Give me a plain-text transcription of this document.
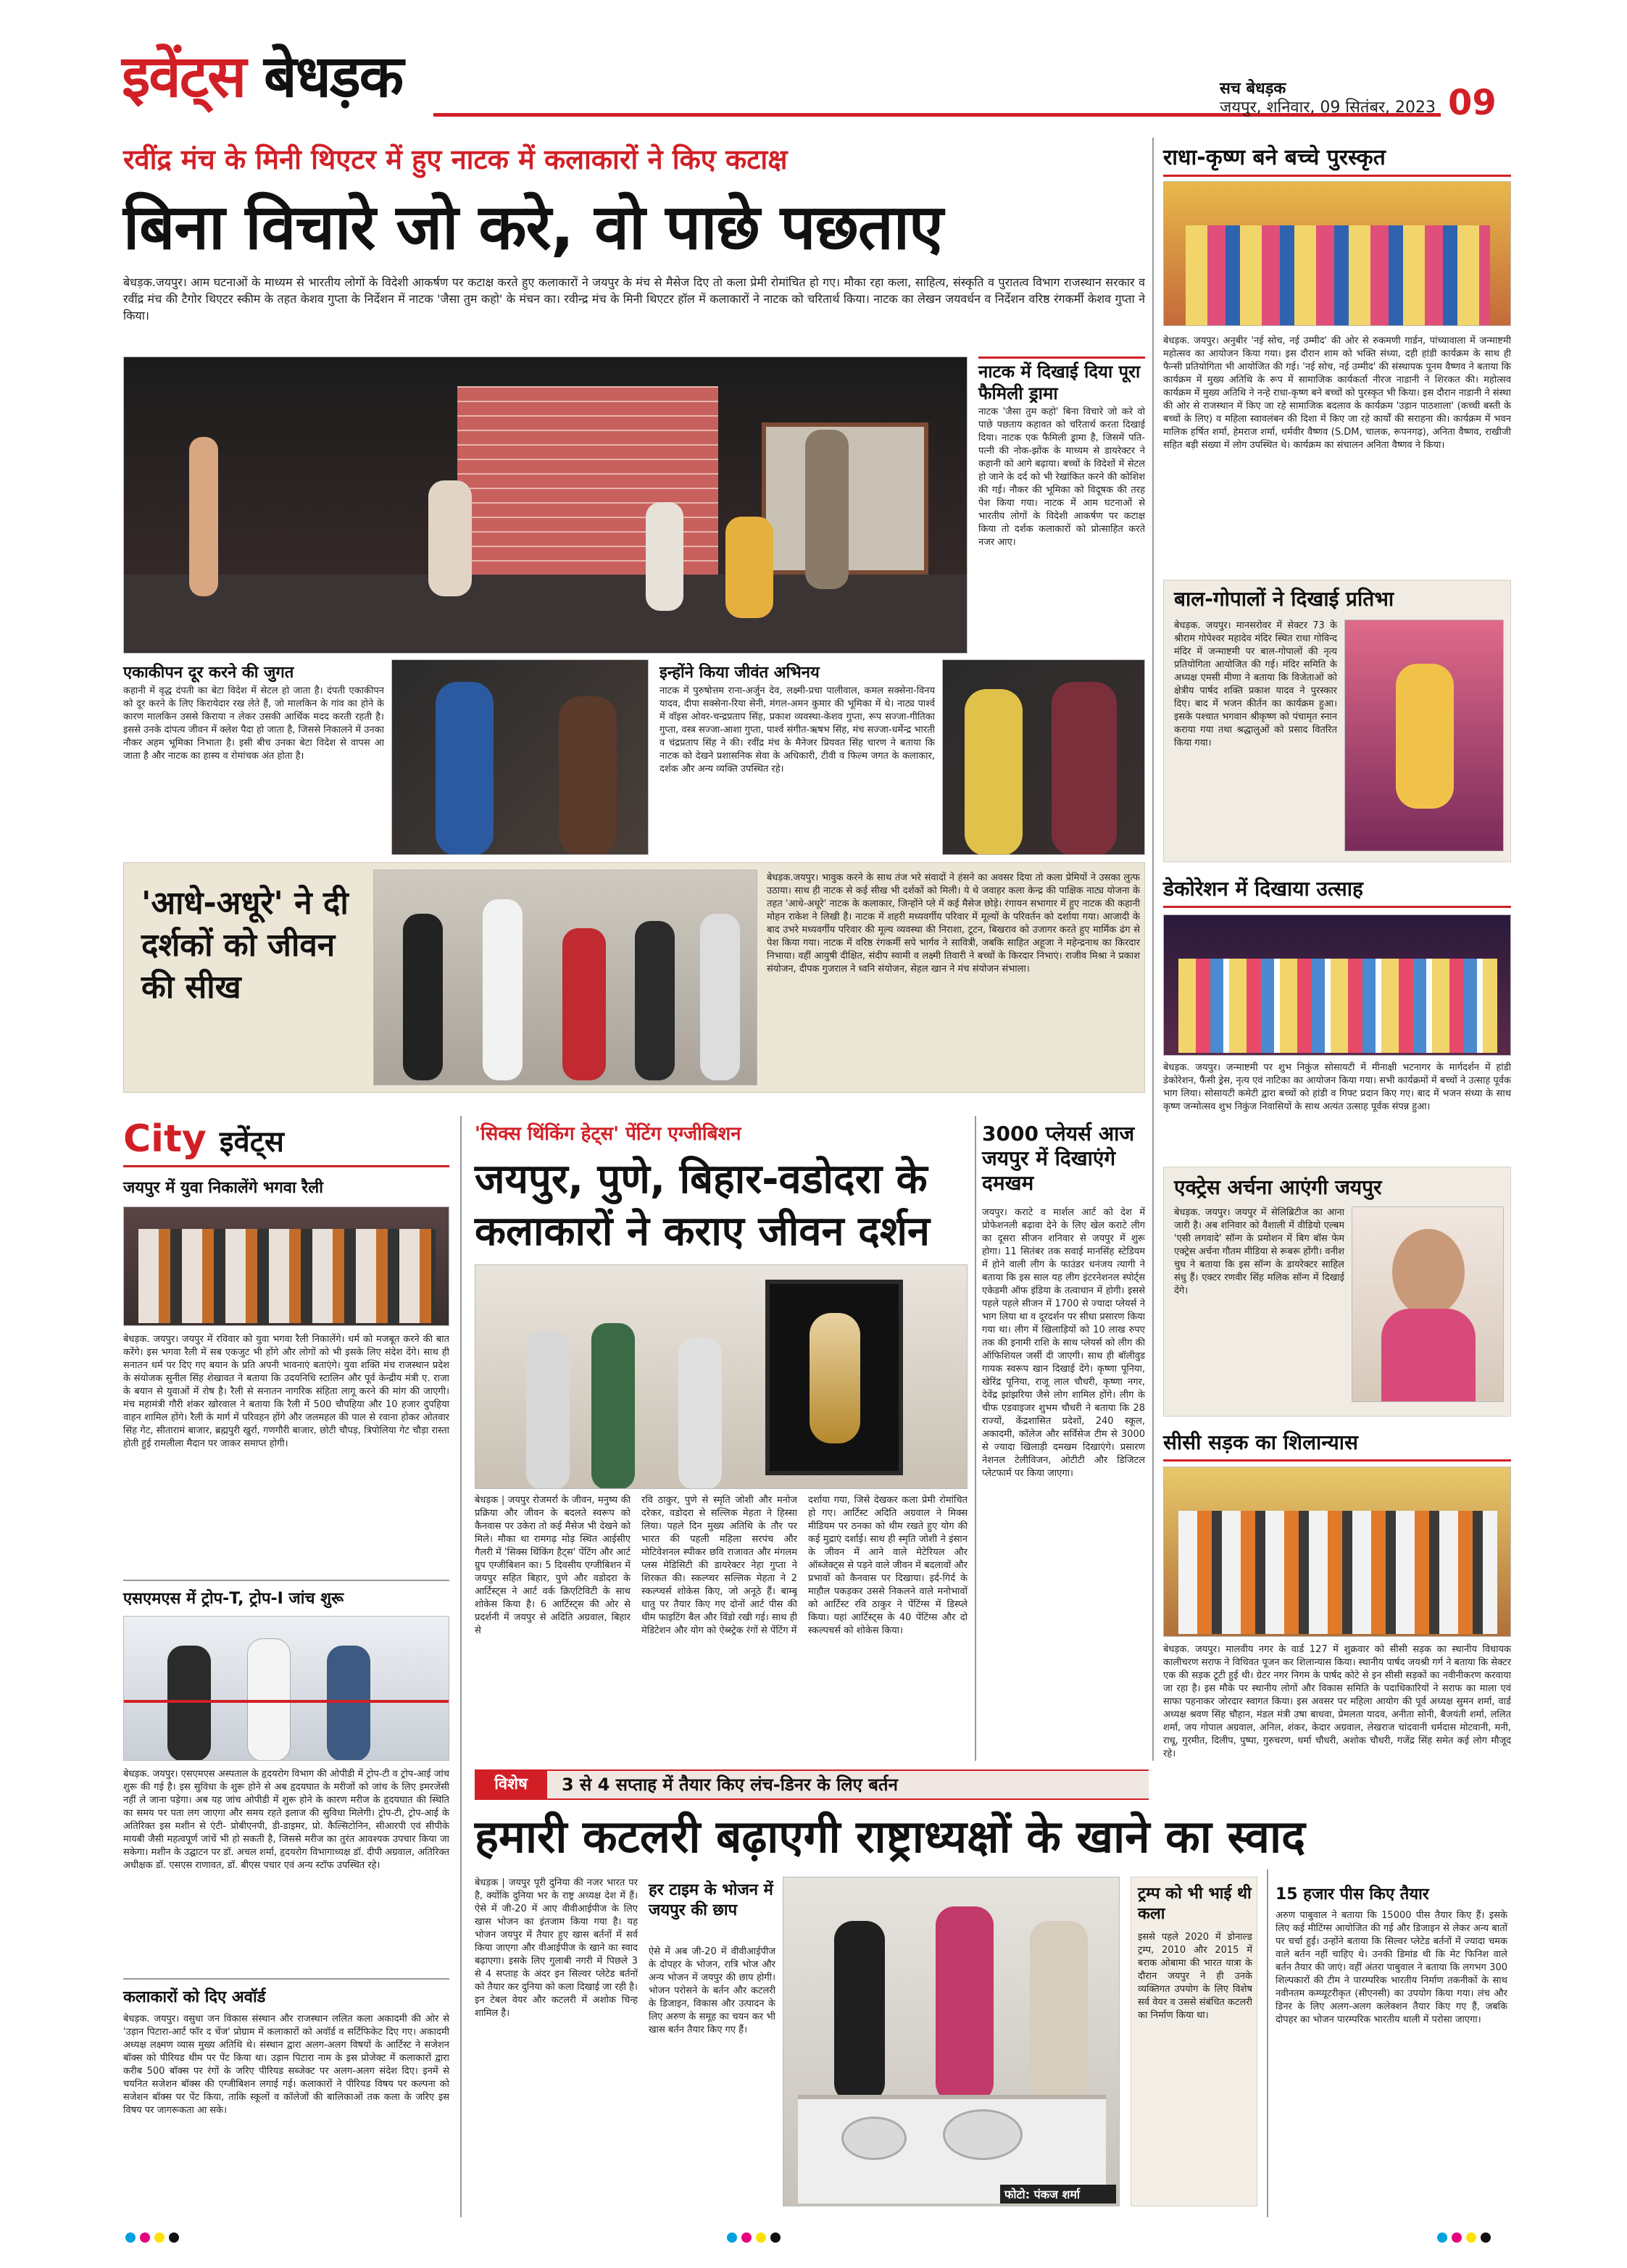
इवेंट्स बेधड़क	सच बेधड़क
जयपुर, शनिवार, 09 सितंबर, 2023 09
रवींद्र मंच के मिनी थिएटर में हुए नाटक में कलाकारों ने किए कटाक्ष
बिना विचारे जो करे, वो पाछे पछताए
बेधड़क.जयपुर। आम घटनाओं के माध्यम से भारतीय लोगों के विदेशी आकर्षण पर कटाक्ष करते हुए कलाकारों ने जयपुर के मंच से मैसेज दिए तो कला प्रेमी रोमांचित हो गए। मौका रहा कला, साहित्य, संस्कृति व पुरातत्व विभाग राजस्थान सरकार व रवींद्र मंच की टैगोर थिएटर स्कीम के तहत केशव गुप्ता के निर्देशन में नाटक 'जैसा तुम कहो' के मंचन का। रवीन्द्र मंच के मिनी थिएटर हॉल में कलाकारों ने नाटक को चरितार्थ किया। नाटक का लेखन जयवर्धन व निर्देशन वरिष्ठ रंगकर्मी केशव गुप्ता ने किया।
नाटक में दिखाई दिया पूरा फैमिली ड्रामा
नाटक 'जैसा तुम कहो' बिना विचारे जो करे वो पाछे पछताय कहावत को चरितार्थ करता दिखाई दिया। नाटक एक फैमिली ड्रामा है, जिसमें पति-पत्नी की नोक-झोंक के माध्यम से डायरेक्टर ने कहानी को आगे बढ़ाया। बच्चों के विदेशों में सेटल हो जाने के दर्द को भी रेखांकित करने की कोशिश की गई। नौकर की भूमिका को विदूषक की तरह पेश किया गया। नाटक में आम घटनाओं से भारतीय लोगों के विदेशी आकर्षण पर कटाक्ष किया तो दर्शक कलाकारों को प्रोत्साहित करते नजर आए।
एकाकीपन दूर करने की जुगत
कहानी में वृद्ध दंपती का बेटा विदेश में सेटल हो जाता है। दंपती एकाकीपन को दूर करने के लिए किरायेदार रख लेते हैं, जो मालकिन के गांव का होने के कारण मालकिन उससे किराया न लेकर उसकी आर्थिक मदद करती रहती है। इससे उनके दांपत्य जीवन में क्लेश पैदा हो जाता है, जिससे निकालने में उनका नौकर अहम भूमिका निभाता है। इसी बीच उनका बेटा विदेश से वापस आ जाता है और नाटक का हास्य व रोमांचक अंत होता है।
इन्होंने किया जीवंत अभिनय
नाटक में पुरुषोत्तम राना-अर्जुन देव, लक्ष्मी-प्रचा पालीवाल, कमल सक्सेना-विनय यादव, दीपा सक्सेना-रिया सेनी, मंगल-अमन कुमार की भूमिका में थे। नाट्य पार्श्व में वॉइस ओवर-चन्द्रप्रताप सिंह, प्रकाश व्यवस्था-केशव गुप्ता, रूप सज्जा-गीतिका गुप्ता, वस्त्र सज्जा-आशा गुप्ता, पार्श्व संगीत-ऋषभ सिंह, मंच सज्जा-धर्मेन्द्र भारती व चंद्रप्रताप सिंह ने की। रवींद्र मंच के मैनेजर प्रियवत सिंह चारण ने बताया कि नाटक को देखने प्रशासनिक सेवा के अधिकारी, टीवी व फिल्म जगत के कलाकार, दर्शक और अन्य व्यक्ति उपस्थित रहे।
'आधे-अधूरे' ने दी दर्शकों को जीवन की सीख
बेधड़क.जयपुर। भावुक करने के साथ तंज भरे संवादों ने हंसने का अवसर दिया तो कला प्रेमियों ने उसका लुत्फ उठाया। साथ ही नाटक से कई सीख भी दर्शकों को मिली। ये थे जवाहर कला केन्द्र की पाक्षिक नाट्य योजना के तहत 'आधे-अधूरे' नाटक के कलाकार, जिन्होंने प्ले में कई मैसेज छोड़े। रंगायन सभागार में हुए नाटक की कहानी मोहन राकेश ने लिखी है। नाटक में शहरी मध्यवर्गीय परिवार में मूल्यों के परिवर्तन को दर्शाया गया। आजादी के बाद उभरे मध्यवर्गीय परिवार की मूल्य व्यवस्था की निराशा, टूटन, बिखराव को उजागर करते हुए मार्मिक ढंग से पेश किया गया। नाटक में वरिष्ठ रंगकर्मी सपे भार्गव ने सावित्री, जबकि साहित अहूजा ने महेन्द्रनाथ का किरदार निभाया। वहीं आयुषी दीक्षित, संदीप स्वामी व लक्ष्मी तिवारी ने बच्चों के किरदार निभाएं। राजीव मिश्रा ने प्रकाश संयोजन, दीपक गुजराल ने ध्वनि संयोजन, सेहल खान ने मंच संयोजन संभाला।
City इवेंट्स
जयपुर में युवा निकालेंगे भगवा रैली
बेधड़क. जयपुर। जयपुर में रविवार को युवा भगवा रैली निकालेंगे। धर्म को मजबूत करने की बात करेंगे। इस भगवा रैली में सब एकजुट भी होंगे और लोगों को भी इसके लिए संदेश देंगे। साथ ही सनातन धर्म पर दिए गए बयान के प्रति अपनी भावनाएं बताएंगे। युवा शक्ति मंच राजस्थान प्रदेश के संयोजक सुनील सिंह शेखावत ने बताया कि उदयनिधि स्टालिन और पूर्व केन्द्रीय मंत्री ए. राजा के बयान से युवाओं में रोष है। रैली से सनातन नागरिक संहिता लागू करने की मांग की जाएगी। मंच महामंत्री गौरी शंकर खोरवाल ने बताया कि रैली में 500 चौपहिया और 10 हजार दुपहिया वाहन शामिल होंगे। रैली के मार्ग में परिवहन होंगे और जलमहल की पाल से रवाना होकर ओतवार सिंह गेट, सीतारामं बाजार, ब्रह्मपुरी खुर्रा, गणगौरी बाजार, छोटी चौपड़, त्रिपोलिया गेट चौड़ा रास्ता होती हुई रामलीला मैदान पर जाकर समाप्त होगी।
एसएमएस में ट्रोप-T, ट्रोप-I जांच शुरू
बेधड़क. जयपुर। एसएमएस अस्पताल के हृदयरोग विभाग की ओपीडी में ट्रोप-टी व ट्रोप-आई जांच शुरू की गई है। इस सुविधा के शुरू होने से अब हृदयघात के मरीजों को जांच के लिए इमरजेंसी नहीं ले जाना पड़ेगा। अब यह जांच ओपीडी में शुरू होने के कारण मरीज के हृदयघात की स्थिति का समय पर पता लग जाएगा और समय रहते इलाज की सुविधा मिलेगी। ट्रोप-टी, ट्रोप-आई के अतिरिक्त इस मशीन से एंटी- प्रोबीएनपी, डी-डाइमर, प्रो. कैल्सिटोनिन, सीआरपी एवं सीपीके मायबी जैसी महत्वपूर्ण जांचें भी हो सकती है, जिससे मरीज का तुरंत आवश्यक उपचार किया जा सकेगा। मशीन के उद्घाटन पर डॉ. अचल शर्मा, हृदयरोग विभागाध्यक्ष डॉ. दीपी अग्रवाल, अतिरिक्त अधीक्षक डॉ. एसएस राणावत, डॉ. बीएस पचार एवं अन्य स्टॉफ उपस्थित रहे।
कलाकारों को दिए अवॉर्ड
बेधड़क. जयपुर। वसुधा जन विकास संस्थान और राजस्थान ललित कला अकादमी की ओर से 'उड़ान पिटारा-आर्ट फॉर द चेंज' प्रोग्राम में कलाकारों को अवॉर्ड व सर्टिफिकेट दिए गए। अकादमी अध्यक्ष लक्ष्मण व्यास मुख्य अतिथि थे। संस्थान द्वारा अलग-अलग विषयों के आर्टिस्ट ने सजेशन बॉक्स को पीरियड थीम पर पेंट किया था। उड़ान पिटारा नाम के इस प्रोजेक्ट में कलाकारों द्वारा करीब 500 बॉक्स पर रंगों के जरिए पीरियड सब्जेक्ट पर अलग-अलग संदेश दिए। इनमें से चयनित सजेशन बॉक्स की एग्जीबिशन लगाई गई। कलाकारों ने पीरियड विषय पर कल्पना को सजेशन बॉक्स पर पेंट किया, ताकि स्कूलों व कॉलेजों की बालिकाओं तक कला के जरिए इस विषय पर जागरूकता आ सके।
'सिक्स थिंकिंग हेट्स' पेंटिंग एग्जीबिशन
जयपुर, पुणे, बिहार-वडोदरा के कलाकारों ने कराए जीवन दर्शन
बेधड़क | जयपुर रोजमर्रा के जीवन, मनुष्य की प्रक्रिया और जीवन के बदलते स्वरूप को कैनवास पर उकेरा तो कई मैसेज भी देखने को मिले। मौका था रामगढ़ मोड़ स्थित आईसीए गैलरी में 'सिक्स थिंकिंग हैट्स' पेंटिंग और आर्ट ग्रुप एग्जीबिशन का। 5 दिवसीय एग्जीबिशन में जयपुर सहित बिहार, पुणे और वडोदरा के आर्टिस्ट्स ने आर्ट वर्क क्रिएटिविटी के साथ शोकेस किया है। 6 आर्टिस्ट्स की ओर से प्रदर्शनी में जयपुर से अदिति अग्रवाल, बिहार से
रवि ठाकुर, पुणे से स्मृति जोशी और मनोज दरेकर, वडोदरा से सल्लिक मेहता ने हिस्सा लिया। पहले दिन मुख्य अतिथि के तौर पर भारत की पहली महिला सरपंच और मोटिवेशनल स्पीकर छवि राजावत और मंगलम प्लस मेडिसिटी की डायरेक्टर नेहा गुप्ता ने शिरकत की। स्कल्प्चर सल्लिक मेहता ने 2 स्कल्प्चर्स शोकेस किए, जो अनूठे हैं। बाम्बू धातु पर तैयार किए गए दोनों आर्ट पीस की थीम फाइटिंग बैल और विंडो रखी गई। साथ ही मेडिटेशन और योग को ऐब्स्ट्रेक रंगों से पेंटिंग में
दर्शाया गया, जिसे देखकर कला प्रेमी रोमांचित हो गए। आर्टिस्ट अदिति अग्रवाल ने मिक्स मीडियम पर ठनका को थीम रखते हुए योग की कई मुद्राएं दर्शाई। साथ ही स्मृति जोशी ने इंसान के जीवन में आने वाले मेटेरियल और ऑब्जेक्ट्स से पड़ने वाले जीवन में बदलावों और प्रभावों को कैनवास पर दिखाया। इर्द-गिर्द के माहौल पकड़कर उससे निकलने वाले मनोभावों को आर्टिस्ट रवि ठाकुर ने पेंटिंग्स में डिस्प्ले किया। यहां आर्टिस्ट्स के 40 पेंटिंग्स और दो स्कल्पचर्स को शोकेस किया।
3000 प्लेयर्स आज जयपुर में दिखाएंगे दमखम
जयपुर। कराटे व मार्शल आर्ट को देश में प्रोफेशनली बढ़ावा देने के लिए खेल कराटे लीग का दूसरा सीजन शनिवार से जयपुर में शुरू होगा। 11 सितंबर तक सवाई मानसिंह स्टेडियम में होने वाली लीग के फाउंडर धनंजय त्यागी ने बताया कि इस साल यह लीग इंटरनेशनल स्पोर्ट्स एकेडमी ऑफ इंडिया के तत्वाधान में होगी। इससे पहले पहले सीजन में 1700 से ज्यादा प्लेयर्स ने भाग लिया था व दूरदर्शन पर सीधा प्रसारण किया गया था। लीग में खिलाड़ियों को 10 लाख रुपए तक की इनामी राशि के साथ प्लेयर्स को लीग की ऑफिशियल जर्सी दी जाएगी। साथ ही बॉलीवुड गायक स्वरूप खान दिखाई देंगे। कृष्णा पूनिया, खेरिंद्र पूनिया, राजू लाल चौधरी, कृष्णा नगर, देवेंद्र झांझरिया जैसे लोग शामिल होंगे। लीग के चीफ एडवाइजर शुभम चौधरी ने बताया कि 28 राज्यों, केंद्रशासित प्रदेशों, 240 स्कूल, अकादमी, कॉलेज और सर्विसेज टीम से 3000 से ज्यादा खिलाड़ी दमखम दिखाएंगे। प्रसारण नेशनल टेलीविजन, ओटीटी और डिजिटल प्लेटफार्म पर किया जाएगा।
विशेष	3 से 4 सप्ताह में तैयार किए लंच-डिनर के लिए बर्तन
हमारी कटलरी बढ़ाएगी राष्ट्राध्यक्षों के खाने का स्वाद
बेधड़क | जयपुर पूरी दुनिया की नजर भारत पर है, क्योंकि दुनिया भर के राष्ट्र अध्यक्ष देश में हैं। ऐसे में जी-20 में आए वीवीआईपीज के लिए खास भोजन का इंतजाम किया गया है। यह भोजन जयपुर में तैयार हुए खास बर्तनों में सर्व किया जाएगा और वीआईपीज के खाने का स्वाद बढ़ाएगा। इसके लिए गुलाबी नगरी में पिछले 3 से 4 सप्ताह के अंदर इन सिल्वर प्लेटेड बर्तनों को तैयार कर दुनिया को कला दिखाई जा रही है। इन टेबल वेयर और कटलरी में अशोक चिन्ह शामिल है।
हर टाइम के भोजन में जयपुर की छाप
ऐसे में अब जी-20 में वीवीआईपीज के दोपहर के भोजन, रात्रि भोज और अन्य भोजन में जयपुर की छाप होगी। भोजन परोसने के बर्तन और कटलरी के डिजाइन, विकास और उत्पादन के लिए अरुण के समूह का चयन कर भी खास बर्तन तैयार किए गए हैं।
फोटो: पंकज शर्मा
ट्रम्प को भी भाई थी कला
इससे पहले 2020 में डोनाल्ड ट्रम्प, 2010 और 2015 में बराक ओबामा की भारत यात्रा के दौरान जयपुर ने ही उनके व्यक्तिगत उपयोग के लिए विशेष सर्व वेयर व उससे संबंधित कटलरी का निर्माण किया था।
15 हजार पीस किए तैयार
अरुण पाबुवाल ने बताया कि 15000 पीस तैयार किए हैं। इसके लिए कई मीटिंग्स आयोजित की गई और डिजाइन से लेकर अन्य बातों पर चर्चा हुई। उन्होंने बताया कि सिल्वर प्लेटेड बर्तनों में ज्यादा चमक वाले बर्तन नहीं चाहिए थे। उनकी डिमांड थी कि मेट फिनिश वाले बर्तन तैयार की जाएं। वहीं अंतरा पाबुवाल ने बताया कि लगभग 300 शिल्पकारों की टीम ने पारम्परिक भारतीय निर्माण तकनीकों के साथ नवीनतम कम्प्यूटरीकृत (सीएनसी) का उपयोग किया गया। लंच और डिनर के लिए अलग-अलग कलेक्शन तैयार किए गए हैं, जबकि दोपहर का भोजन पारम्परिक भारतीय थाली में परोसा जाएगा।
राधा-कृष्ण बने बच्चे पुरस्कृत
बेधड़क. जयपुर। अनुबीर 'नई सोच, नई उम्मीद' की ओर से रुकमणी गार्डन, पांच्यावाला में जन्माष्टमी महोत्सव का आयोजन किया गया। इस दौरान शाम को भक्ति संध्या, दही हांडी कार्यक्रम के साथ ही फैन्सी प्रतियोगिता भी आयोजित की गई। 'नई सोच, नई उम्मीद' की संस्थापक पूनम वैष्णव ने बताया कि कार्यक्रम में मुख्य अतिथि के रूप में सामाजिक कार्यकर्ता नीरज नाडानी ने शिरकत की। महोत्सव कार्यक्रम में मुख्य अतिथि ने नन्हे राधा-कृष्ण बने बच्चों को पुरस्कृत भी किया। इस दौरान नाडानी ने संस्था की ओर से राजस्थान में किए जा रहे सामाजिक बदलाव के कार्यक्रम 'उड़ान पाठशाला' (कच्ची बस्ती के बच्चों के लिए) व महिला स्वावलंबन की दिशा में किए जा रहे कार्यों की सराहना की। कार्यक्रम में भवन मालिक हर्षित शर्मा, हेमराज शर्मा, धर्मवीर वैष्णव (S.DM, चालक, रूपनगढ़), अनिता वैष्णव, राखीजी सहित बड़ी संख्या में लोग उपस्थित थे। कार्यक्रम का संचालन अनिता वैष्णव ने किया।
बाल-गोपालों ने दिखाई प्रतिभा
बेधड़क. जयपुर। मानसरोवर में सेक्टर 73 के श्रीराम गोपेश्वर महादेव मंदिर स्थित राधा गोविन्द मंदिर में जन्माष्टमी पर बाल-गोपालों की नृत्य प्रतियोगिता आयोजित की गई। मंदिर समिति के अध्यक्ष एमसी मीणा ने बताया कि विजेताओं को क्षेत्रीय पार्षद शक्ति प्रकाश यादव ने पुरस्कार दिए। बाद में भजन कीर्तन का कार्यक्रम हुआ। इसके पश्चात भगवान श्रीकृष्ण को पंचामृत स्नान कराया गया तथा श्रद्धालुओं को प्रसाद वितरित किया गया।
डेकोरेशन में दिखाया उत्साह
बेधड़क. जयपुर। जन्माष्टमी पर शुभ निकुंज सोसायटी में मीनाक्षी भटनागर के मार्गदर्शन में हांडी डेकोरेशन, फैंसी ड्रेस, नृत्य एवं नाटिका का आयोजन किया गया। सभी कार्यक्रमों में बच्चों ने उत्साह पूर्वक भाग लिया। सोसायटी कमेटी द्वारा बच्चों को हांडी व गिफ्ट प्रदान किए गए। बाद में भजन संध्या के साथ कृष्ण जन्मोत्सव शुभ निकुंज निवासियों के साथ अत्यंत उत्साह पूर्वक संपन्न हुआ।
एक्ट्रेस अर्चना आएंगी जयपुर
बेधड़क. जयपुर। जयपुर में सेलिब्रिटीज का आना जारी है। अब शनिवार को वैशाली में वीडियो एल्बम 'एसी लगवादे' सॉन्ग के प्रमोशन में बिग बॉस फेम एक्ट्रेस अर्चना गौतम मीडिया से रूबरू होंगी। वनीश चुघ ने बताया कि इस सॉन्ग के डायरेक्टर साहिल संधु हैं। एक्टर रणवीर सिंह मलिक सॉन्ग में दिखाई देंगे।
सीसी सड़क का शिलान्यास
बेधड़क. जयपुर। मालवीय नगर के वार्ड 127 में शुक्रवार को सीसी सड़क का स्थानीय विधायक कालीचरण सराफ ने विधिवत पूजन कर शिलान्यास किया। स्थानीय पार्षद जयश्री गर्ग ने बताया कि सेक्टर एक की सड़क टूटी हुई थी। ग्रेटर नगर निगम के पार्षद कोटे से इन सीसी सड़कों का नवीनीकरण करवाया जा रहा है। इस मौके पर स्थानीय लोगों और विकास समिति के पदाधिकारियों ने सराफ का माला एवं साफा पहनाकर जोरदार स्वागत किया। इस अवसर पर महिला आयोग की पूर्व अध्यक्ष सुमन शर्मा, वार्ड अध्यक्ष श्रवण सिंह चौहान, मंडल मंत्री उषा बाधवा, प्रेमलता यादव, अनीता सोनी, बैजयंती शर्मा, ललित शर्मा, जय गोपाल अग्रवाल, अनिल, शंकर, केदार अग्रवाल, लेखराज चांदवानी धर्मदास मोटवानी, मनी, राधू, गुरमीत, दिलीप, पुष्पा, गुरुचरण, धर्मा चौधरी, अशोक चौधरी, गजेंद्र सिंह समेत कई लोग मौजूद रहे।
